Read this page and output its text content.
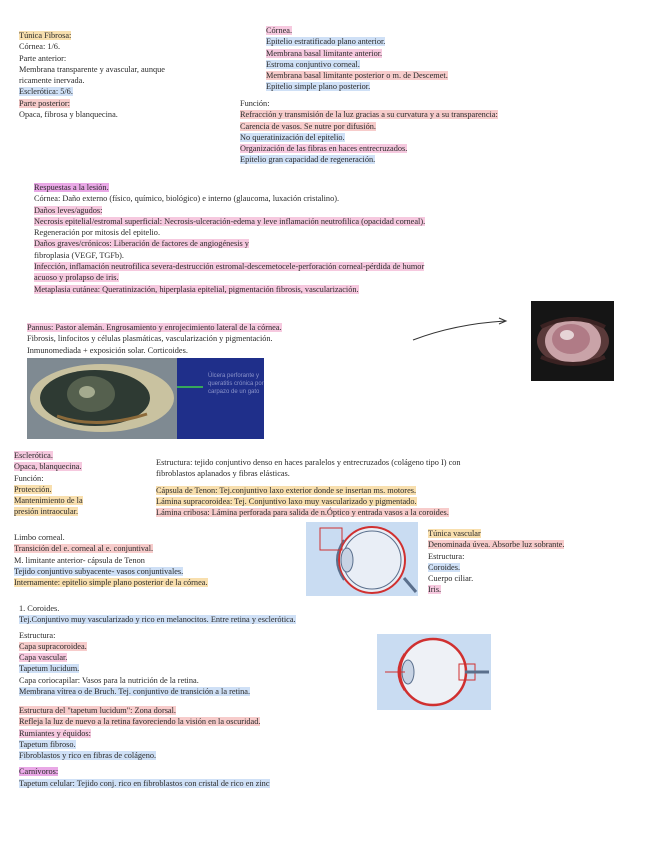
Túnica Fibrosa:
Córnea: 1/6.
Parte anterior:
Membrana transparente y avascular, aunque
ricamente inervada.
Esclerótica: 5/6.
Parte posterior:
Opaca, fibrosa y blanquecina.
Córnea.
Epitelio estratificado plano anterior.
Membrana basal limitante anterior.
Estroma conjuntivo corneal.
Membrana basal limitante posterior o m. de Descemet.
Epitelio simple plano posterior.
Función:
Refracción y transmisión de la luz gracias a su curvatura y a su transparencia:
Carencia de vasos. Se nutre por difusión.
No queratinización del epitelio.
Organización de las fibras en haces entrecruzados.
Epitelio gran capacidad de regeneración.
Respuestas a la lesión.
Córnea: Daño externo (físico, químico, biológico) e interno (glaucoma, luxación cristalino).
Daños leves/agudos:
Necrosis epitelial/estromal superficial: Necrosis-ulceración-edema y leve inflamación neutrofilica (opacidad corneal).
Regeneración por mitosis del epitelio.
Daños graves/crónicos: Liberación de factores de angiogénesis y
fibroplasia (VEGF, TGFb).
Infección, inflamación neutrofilica severa-destrucción estromal-descemetocele-perforación corneal-pérdida de humor
acuoso y prolapso de iris.
Metaplasia cutánea: Queratinización, hiperplasia epitelial, pigmentación fibrosis, vascularización.
Pannus: Pastor alemán. Engrosamiento y enrojecimiento lateral de la córnea.
Fibrosis, linfocitos y células plasmáticas, vascularización y pigmentación.
Inmunomediada + exposición solar. Corticoides.
Úlcera perforante y queratitis crónica por carpazo de un gato
Esclerótica.
Opaca, blanquecina.
Función:
Protección.
Mantenimiento de la
presión intraocular.
Estructura: tejido conjuntivo denso en haces paralelos y entrecruzados (colágeno tipo I) con
fibroblastos aplanados y fibras elásticas.
Cápsula de Tenon: Tej.conjuntivo laxo exterior donde se insertan ms. motores.
Lámina supracoroidea: Tej. Conjuntivo laxo muy vascularizado y pigmentado.
Lámina cribosa: Lámina perforada para salida de n.Óptico y entrada vasos a la coroides.
Limbo corneal.
Transición del e. corneal al e. conjuntival.
M. limitante anterior- cápsula de Tenon
Tejido conjuntivo subyacente- vasos conjuntivales.
Internamente: epitelio simple plano posterior de la córnea.
Túnica vascular
Denominada úvea. Absorbe luz sobrante.
Estructura:
Coroides.
Cuerpo ciliar.
Iris.
1. Coroides.
Tej.Conjuntivo muy vascularizado y rico en melanocitos. Entre retina y esclerótica.
Estructura:
Capa supracoroidea.
Capa vascular.
Tapetum lucidum.
Capa coriocapilar: Vasos para la nutrición de la retina.
Membrana vítrea o de Bruch. Tej. conjuntivo de transición a la retina.
Estructura del "tapetum lucidum": Zona dorsal.
Refleja la luz de nuevo a la retina favoreciendo la visión en la oscuridad.
Rumiantes y équidos:
Tapetum fibroso.
Fibroblastos y rico en fibras de colágeno.
Carnívoros:
Tapetum celular: Tejido conj. rico en fibroblastos con cristal de rico en zinc
